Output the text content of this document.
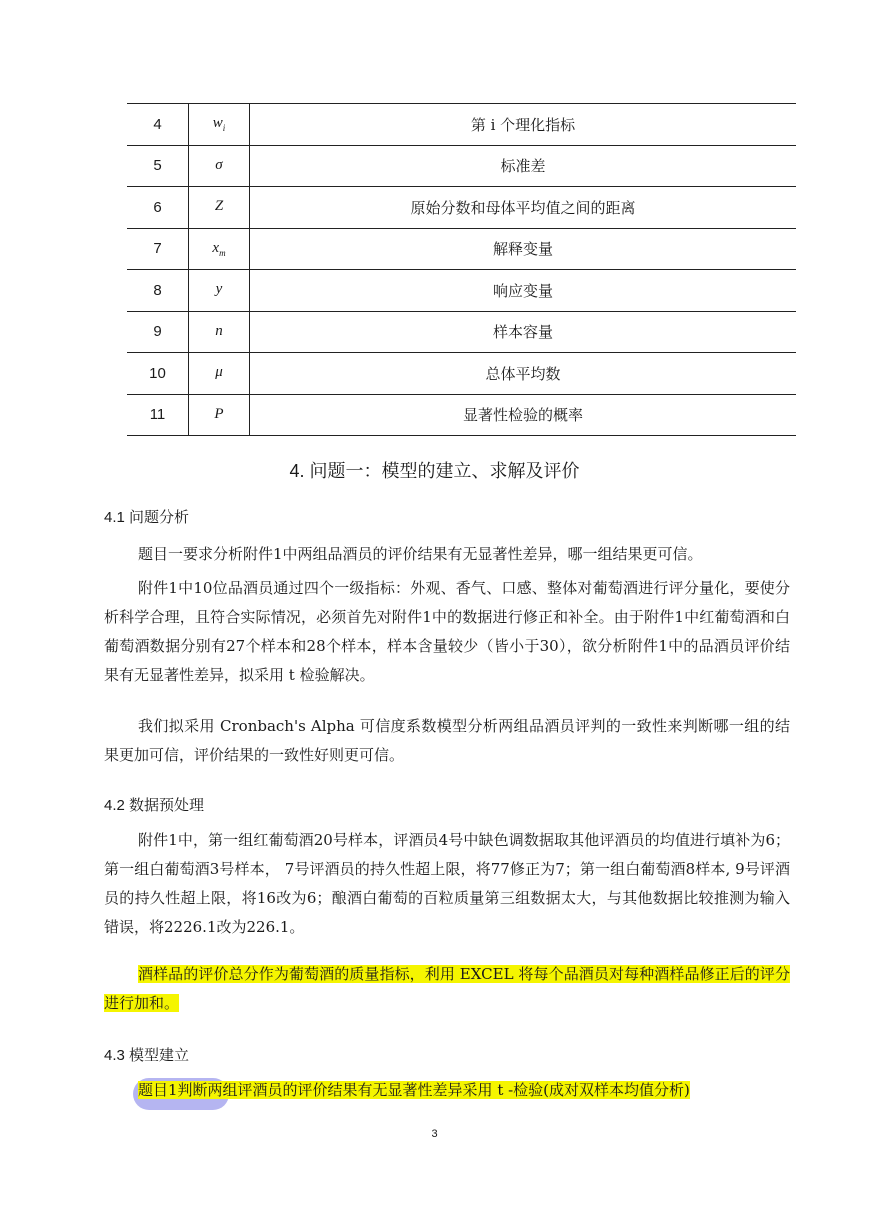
4	$w_i$	第 i 个理化指标
5	σ	标准差
6	Z	原始分数和母体平均值之间的距离
7	$x_m$	解释变量
8	y	响应变量
9	n	样本容量
10	μ	总体平均数
11	P	显著性检验的概率
4. 问题一：模型的建立、求解及评价
4.1 问题分析

题目一要求分析附件1中两组品酒员的评价结果有无显著性差异，哪一组结果更可信。

附件1中10位品酒员通过四个一级指标：外观、香气、口感、整体对葡萄酒进行评分量化，要使分析科学合理，且符合实际情况，必须首先对附件1中的数据进行修正和补全。由于附件1中红葡萄酒和白葡萄酒数据分别有27个样本和28个样本，样本含量较少（皆小于30），欲分析附件1中的品酒员评价结果有无显著性差异，拟采用 t 检验解决。

我们拟采用 Cronbach's Alpha 可信度系数模型分析两组品酒员评判的一致性来判断哪一组的结果更加可信，评价结果的一致性好则更可信。

4.2 数据预处理

附件1中，第一组红葡萄酒20号样本，评酒员4号中缺色调数据取其他评酒员的均值进行填补为6；第一组白葡萄酒3号样本， 7号评酒员的持久性超上限，将77修正为7；第一组白葡萄酒8样本, 9号评酒员的持久性超上限，将16改为6；酿酒白葡萄的百粒质量第三组数据太大，与其他数据比较推测为输入错误，将2226.1改为226.1。

酒样品的评价总分作为葡萄酒的质量指标，利用 EXCEL 将每个品酒员对每种酒样品修正后的评分进行加和。

4.3 模型建立

题目1判断两组评酒员的评价结果有无显著性差异采用 t -检验(成对双样本均值分析)

3
